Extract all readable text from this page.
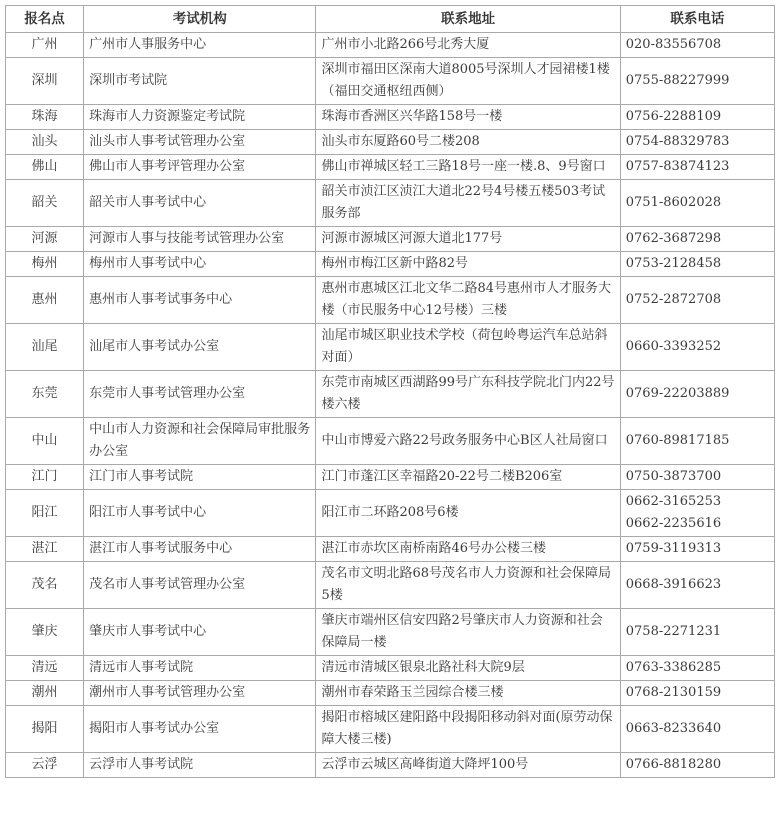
报名点	考试机构	联系地址	联系电话
广州	广州市人事服务中心	广州市小北路266号北秀大厦	020-83556708

深圳	深圳市考试院	深圳市福田区深南大道8005号深圳人才园裙楼1楼（福田交通枢纽西侧）	0755-88227999

珠海	珠海市人力资源鉴定考试院	珠海市香洲区兴华路158号一楼	0756-2288109

汕头	汕头市人事考试管理办公室	汕头市东厦路60号二楼208	0754-88329783

佛山	佛山市人事考评管理办公室	佛山市禅城区轻工三路18号一座一楼.8、9号窗口	0757-83874123

韶关	韶关市人事考试中心	韶关市浈江区浈江大道北22号4号楼五楼503考试服务部	0751-8602028

河源	河源市人事与技能考试管理办公室	河源市源城区河源大道北177号	0762-3687298

梅州	梅州市人事考试中心	梅州市梅江区新中路82号	0753-2128458

惠州	惠州市人事考试事务中心	惠州市惠城区江北文华二路84号惠州市人才服务大楼（市民服务中心12号楼）三楼	0752-2872708

汕尾	汕尾市人事考试办公室	汕尾市城区职业技术学校（荷包岭粤运汽车总站斜对面）	0660-3393252

东莞	东莞市人事考试管理办公室	东莞市南城区西湖路99号广东科技学院北门内22号楼六楼	0769-22203889

中山	中山市人力资源和社会保障局审批服务办公室	中山市博爱六路22号政务服务中心B区人社局窗口	0760-89817185

江门	江门市人事考试院	江门市蓬江区幸福路20-22号二楼B206室	0750-3873700

阳江	阳江市人事考试中心	阳江市二环路208号6楼	0662-3165253
0662-2235616

湛江	湛江市人事考试服务中心	湛江市赤坎区南桥南路46号办公楼三楼	0759-3119313

茂名	茂名市人事考试管理办公室	茂名市文明北路68号茂名市人力资源和社会保障局5楼	0668-3916623

肇庆	肇庆市人事考试中心	肇庆市端州区信安四路2号肇庆市人力资源和社会保障局一楼	0758-2271231

清远	清远市人事考试院	清远市清城区银泉北路社科大院9层	0763-3386285

潮州	潮州市人事考试管理办公室	潮州市春荣路玉兰园综合楼三楼	0768-2130159

揭阳	揭阳市人事考试办公室	揭阳市榕城区建阳路中段揭阳移动斜对面(原劳动保障大楼三楼)	0663-8233640

云浮	云浮市人事考试院	云浮市云城区高峰街道大降坪100号	0766-8818280
